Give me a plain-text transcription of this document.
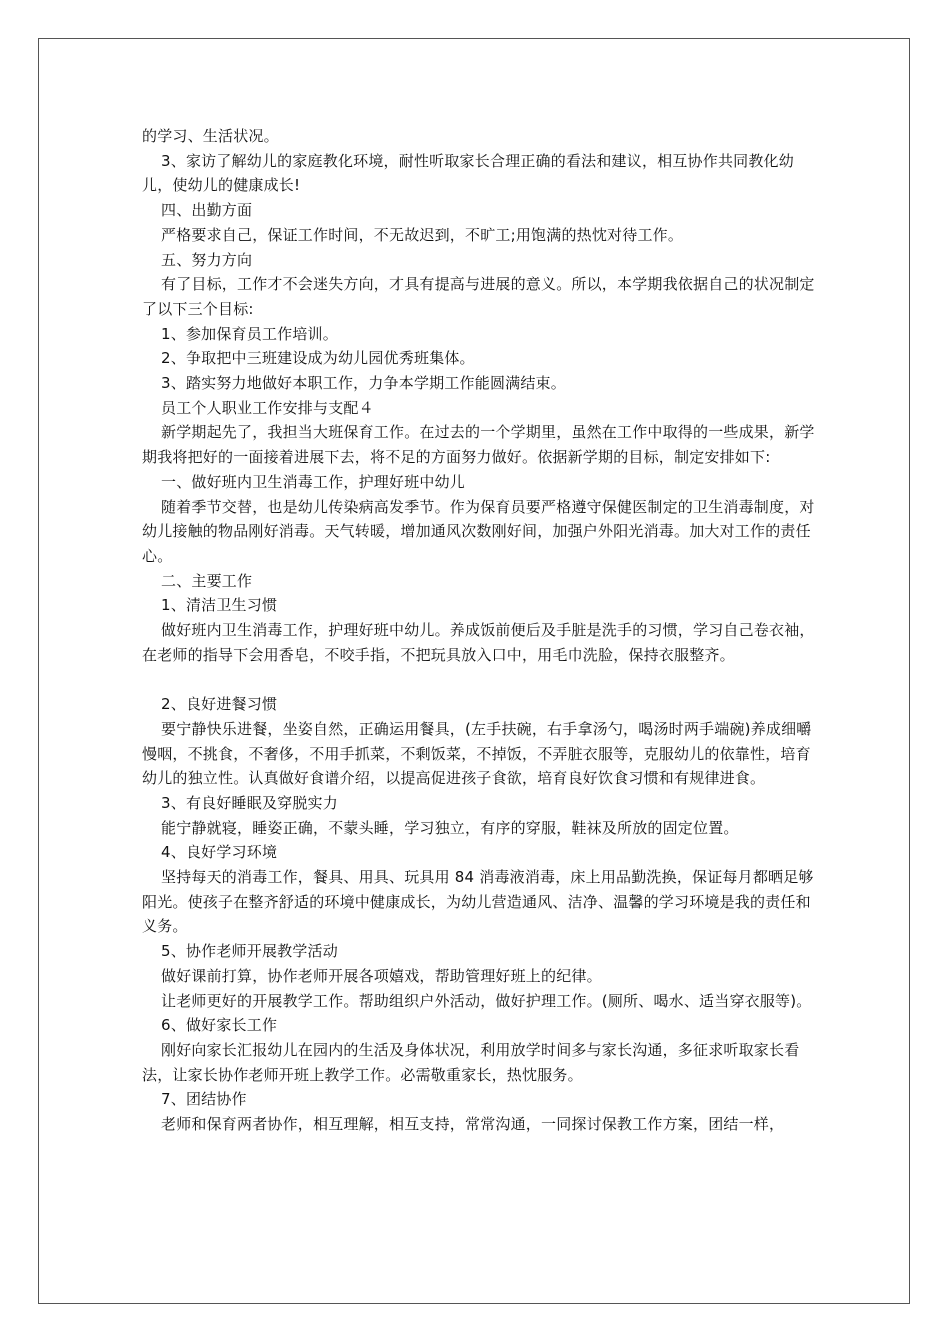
的学习、生活状况。

3、家访了解幼儿的家庭教化环境，耐性听取家长合理正确的看法和建议，相互协作共同教化幼儿，使幼儿的健康成长!

四、出勤方面

严格要求自己，保证工作时间，不无故迟到，不旷工;用饱满的热忱对待工作。

五、努力方向

有了目标，工作才不会迷失方向，才具有提高与进展的意义。所以，本学期我依据自己的状况制定了以下三个目标:

1、参加保育员工作培训。

2、争取把中三班建设成为幼儿园优秀班集体。

3、踏实努力地做好本职工作，力争本学期工作能圆满结束。

员工个人职业工作安排与支配４

新学期起先了，我担当大班保育工作。在过去的一个学期里，虽然在工作中取得的一些成果，新学期我将把好的一面接着进展下去，将不足的方面努力做好。依据新学期的目标，制定安排如下:

一、做好班内卫生消毒工作，护理好班中幼儿

随着季节交替，也是幼儿传染病高发季节。作为保育员要严格遵守保健医制定的卫生消毒制度，对幼儿接触的物品刚好消毒。天气转暖，增加通风次数刚好间，加强户外阳光消毒。加大对工作的责任心。

二、主要工作

1、清洁卫生习惯

做好班内卫生消毒工作，护理好班中幼儿。养成饭前便后及手脏是洗手的习惯，学习自己卷衣袖，在老师的指导下会用香皂，不咬手指，不把玩具放入口中，用毛巾洗脸，保持衣服整齐。

2、良好进餐习惯

要宁静快乐进餐，坐姿自然，正确运用餐具，(左手扶碗，右手拿汤勺，喝汤时两手端碗)养成细嚼慢咽，不挑食，不奢侈，不用手抓菜，不剩饭菜，不掉饭，不弄脏衣服等，克服幼儿的依靠性，培育幼儿的独立性。认真做好食谱介绍，以提高促进孩子食欲，培育良好饮食习惯和有规律进食。

3、有良好睡眠及穿脱实力

能宁静就寝，睡姿正确，不蒙头睡，学习独立，有序的穿服，鞋袜及所放的固定位置。

4、良好学习环境

坚持每天的消毒工作，餐具、用具、玩具用 84 消毒液消毒，床上用品勤洗换，保证每月都晒足够阳光。使孩子在整齐舒适的环境中健康成长，为幼儿营造通风、洁净、温馨的学习环境是我的责任和义务。

5、协作老师开展教学活动

做好课前打算，协作老师开展各项嬉戏，帮助管理好班上的纪律。

让老师更好的开展教学工作。帮助组织户外活动，做好护理工作。(厕所、喝水、适当穿衣服等)。

6、做好家长工作

刚好向家长汇报幼儿在园内的生活及身体状况，利用放学时间多与家长沟通，多征求听取家长看法，让家长协作老师开班上教学工作。必需敬重家长，热忱服务。

7、团结协作

老师和保育两者协作，相互理解，相互支持，常常沟通，一同探讨保教工作方案，团结一样，
